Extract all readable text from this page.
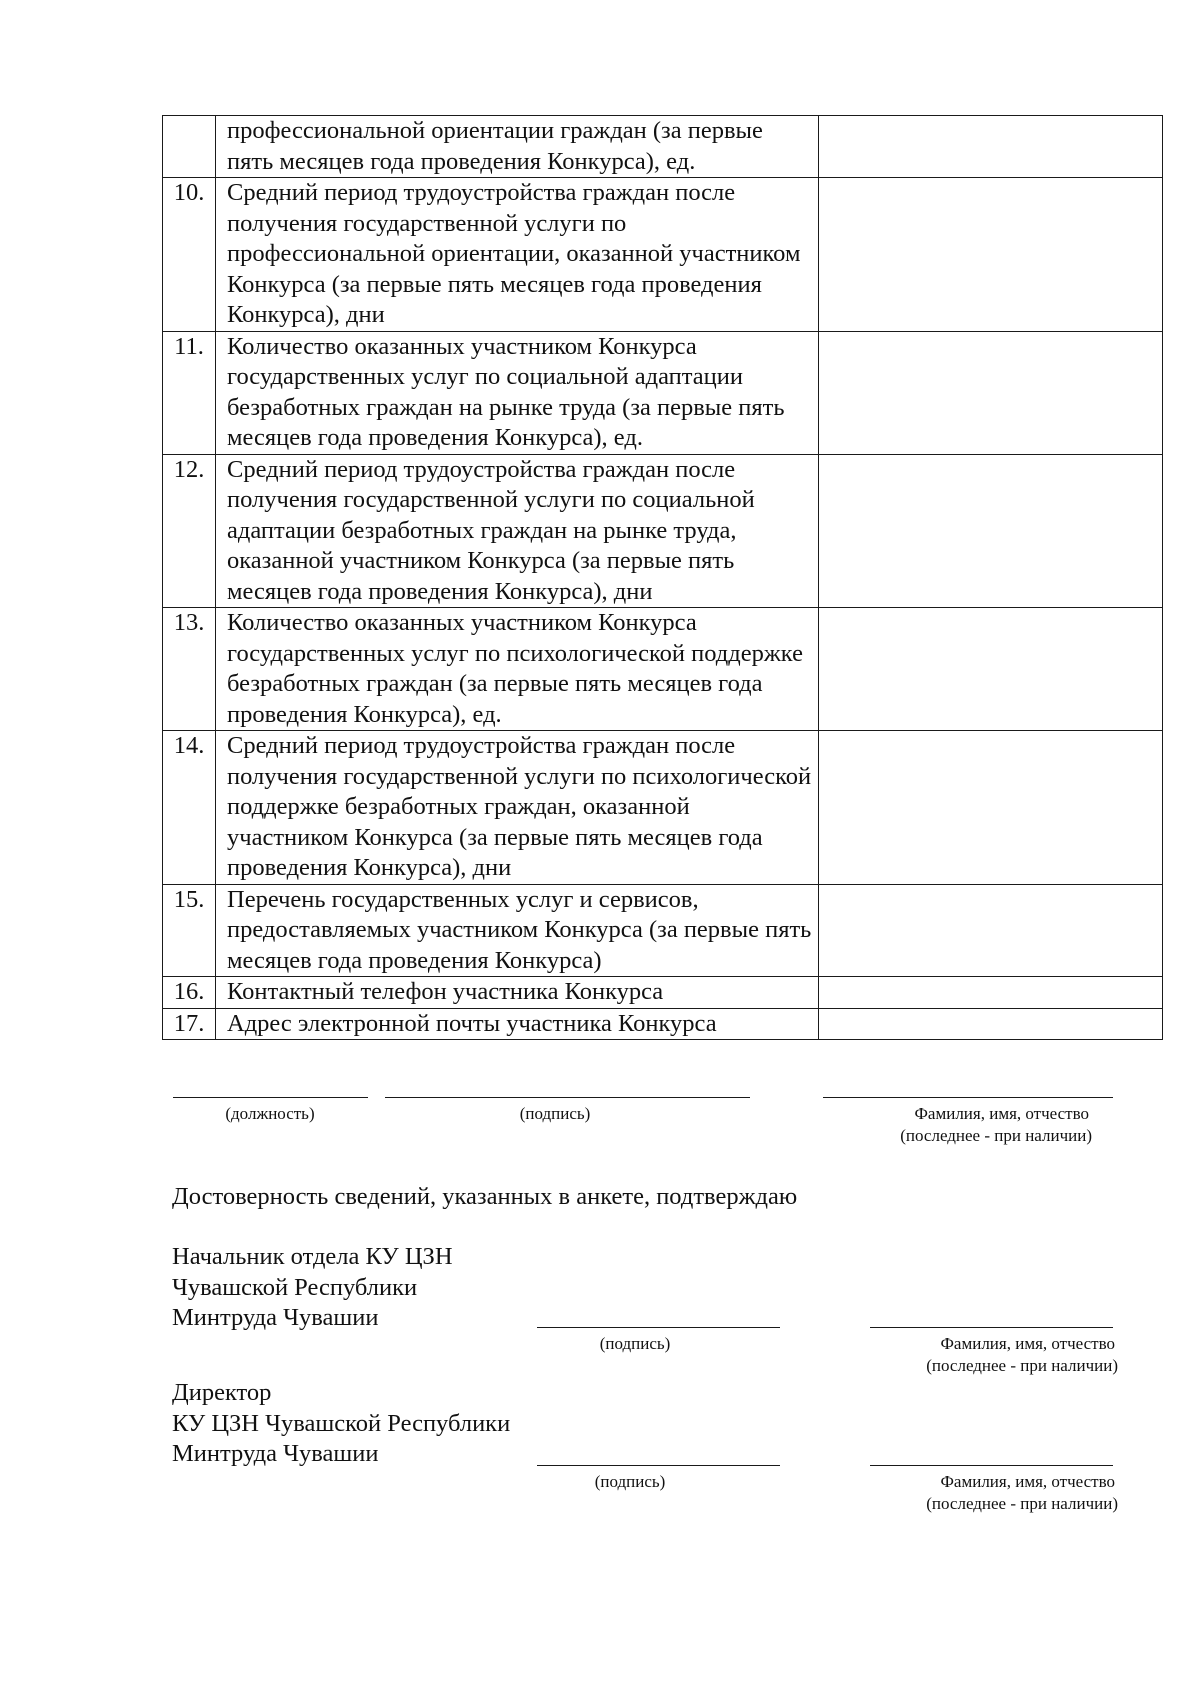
	профессиональной ориентации граждан (за первые пять месяцев года проведения Конкурса), ед.	
10.	Средний период трудоустройства граждан после получения государственной услуги по профессиональной ориентации, оказанной участником Конкурса (за первые пять месяцев года проведения Конкурса), дни	
11.	Количество оказанных участником Конкурса государственных услуг по социальной адаптации безработных граждан на рынке труда (за первые пять месяцев года проведения Конкурса), ед.	
12.	Средний период трудоустройства граждан после получения государственной услуги по социальной адаптации безработных граждан на рынке труда, оказанной участником Конкурса (за первые пять месяцев года проведения Конкурса), дни	
13.	Количество оказанных участником Конкурса государственных услуг по психологической поддержке безработных граждан (за первые пять месяцев года проведения Конкурса), ед.	
14.	Средний период трудоустройства граждан после получения государственной услуги по психологической поддержке безработных граждан, оказанной участником Конкурса (за первые пять месяцев года проведения Конкурса), дни	
15.	Перечень государственных услуг и сервисов, предоставляемых участником Конкурса (за первые пять месяцев года проведения Конкурса)	
16.	Контактный телефон участника Конкурса	
17.	Адрес электронной почты участника Конкурса	
(должность)	(подпись)	Фамилия, имя, отчество
(последнее - при наличии)
Достоверность сведений, указанных в анкете, подтверждаю
Начальник отдела КУ ЦЗН
Чувашской Республики
Минтруда Чувашии
(подпись)	Фамилия, имя, отчество
(последнее - при наличии)
Директор
КУ ЦЗН Чувашской Республики
Минтруда Чувашии
(подпись)	Фамилия, имя, отчество
(последнее - при наличии)
